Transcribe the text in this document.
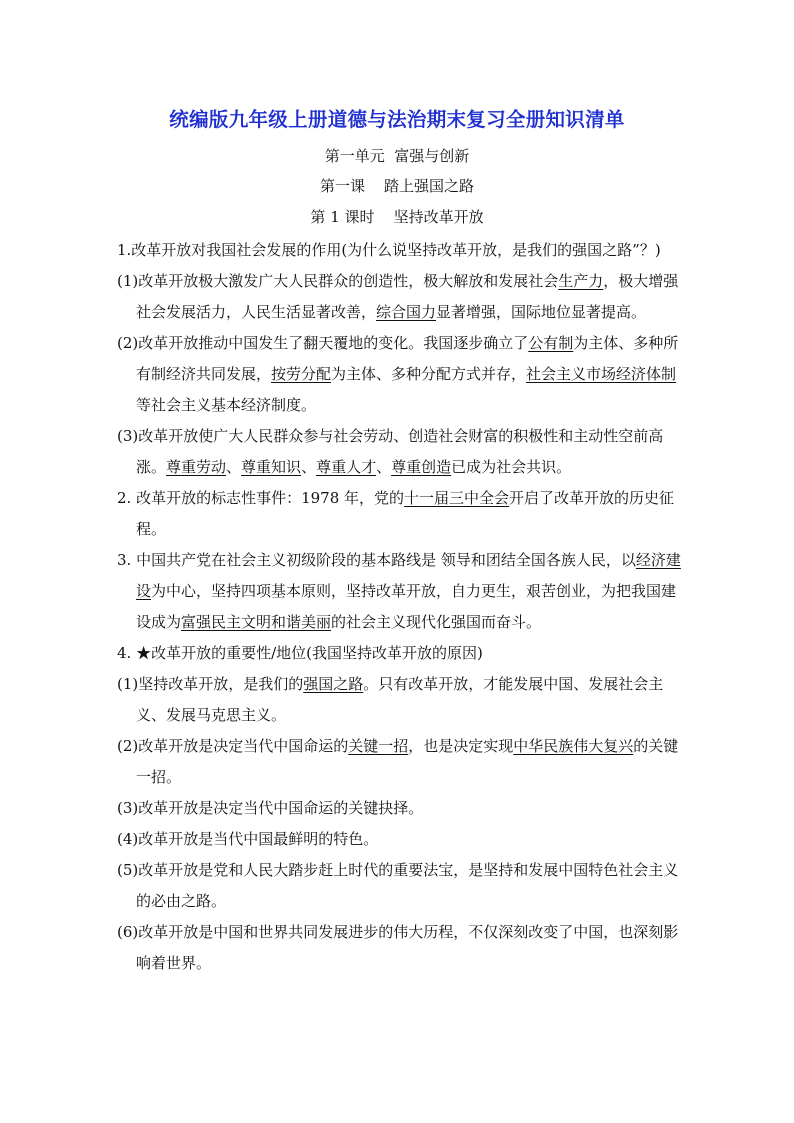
统编版九年级上册道德与法治期末复习全册知识清单
第一单元  富强与创新
第一课    踏上强国之路
第 1 课时    坚持改革开放

1.改革开放对我国社会发展的作用(为什么说坚持改革开放，是我们的强国之路”？)

(1)改革开放极大激发广大人民群众的创造性，极大解放和发展社会生产力，极大增强社会发展活力，人民生活显著改善，综合国力显著增强，国际地位显著提高。

(2)改革开放推动中国发生了翻天覆地的变化。我国逐步确立了公有制为主体、多种所有制经济共同发展，按劳分配为主体、多种分配方式并存，社会主义市场经济体制等社会主义基本经济制度。

(3)改革开放使广大人民群众参与社会劳动、创造社会财富的积极性和主动性空前高涨。尊重劳动、尊重知识、尊重人才、尊重创造已成为社会共识。

2. 改革开放的标志性事件：1978 年，党的十一届三中全会开启了改革开放的历史征程。

3. 中国共产党在社会主义初级阶段的基本路线是 领导和团结全国各族人民，以经济建设为中心，坚持四项基本原则，坚持改革开放，自力更生，艰苦创业，为把我国建设成为富强民主文明和谐美丽的社会主义现代化强国而奋斗。

4. ★改革开放的重要性/地位(我国坚持改革开放的原因)

(1)坚持改革开放，是我们的强国之路。只有改革开放，才能发展中国、发展社会主义、发展马克思主义。

(2)改革开放是决定当代中国命运的关键一招，也是决定实现中华民族伟大复兴的关键一招。

(3)改革开放是决定当代中国命运的关键抉择。

(4)改革开放是当代中国最鲜明的特色。

(5)改革开放是党和人民大踏步赶上时代的重要法宝，是坚持和发展中国特色社会主义的必由之路。

(6)改革开放是中国和世界共同发展进步的伟大历程，不仅深刻改变了中国，也深刻影响着世界。
